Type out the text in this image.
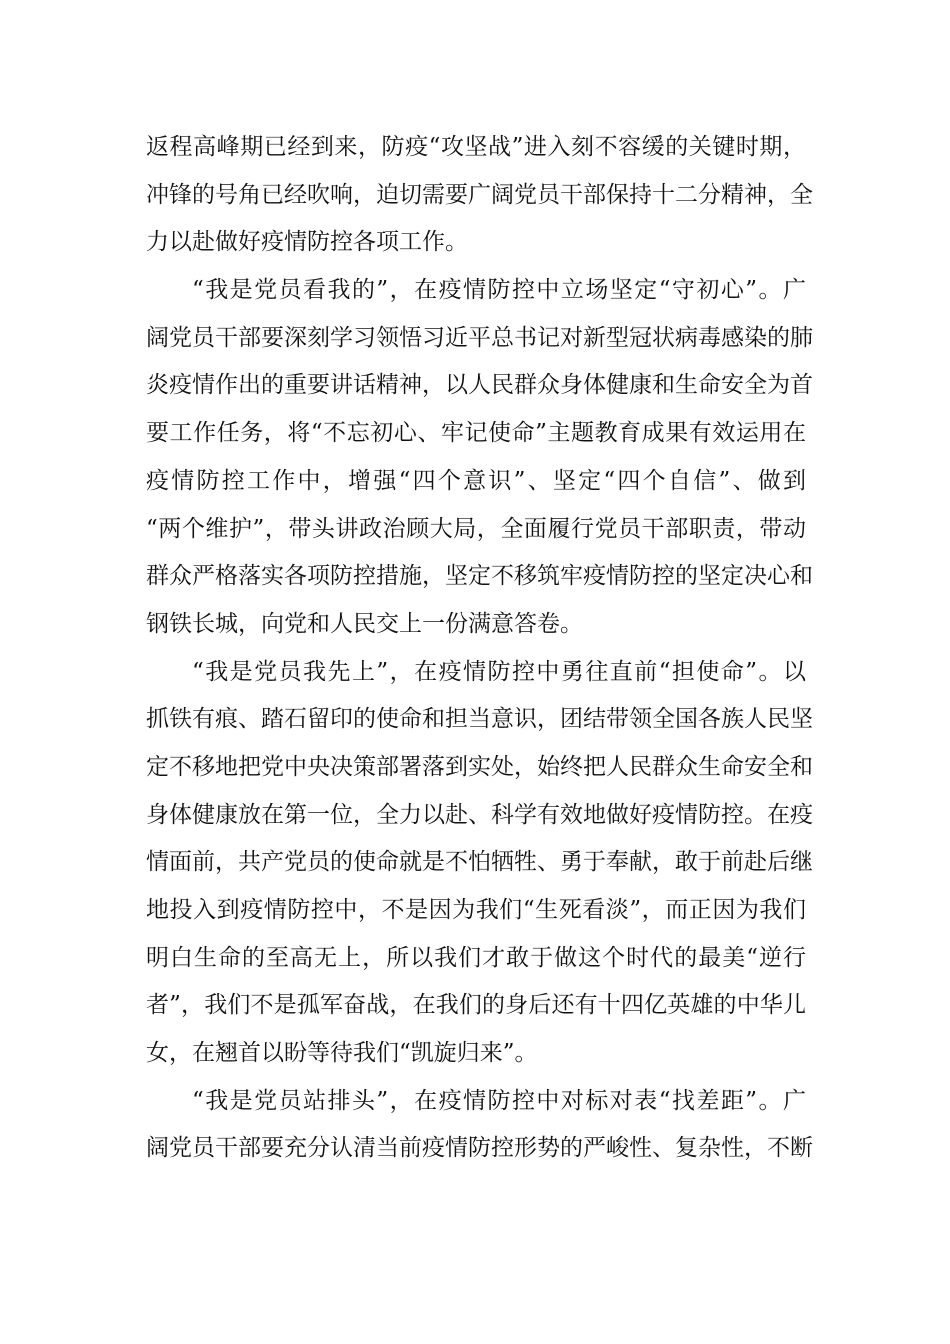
返程高峰期已经到来，防疫“攻坚战”进入刻不容缓的关键时期，
冲锋的号角已经吹响，迫切需要广阔党员干部保持十二分精神，全
力以赴做好疫情防控各项工作。
“我是党员看我的”，在疫情防控中立场坚定“守初心”。广
阔党员干部要深刻学习领悟习近平总书记对新型冠状病毒感染的肺
炎疫情作出的重要讲话精神，以人民群众身体健康和生命安全为首
要工作任务，将“不忘初心、牢记使命”主题教育成果有效运用在
疫情防控工作中，增强“四个意识”、坚定“四个自信”、做到
“两个维护”，带头讲政治顾大局，全面履行党员干部职责，带动
群众严格落实各项防控措施，坚定不移筑牢疫情防控的坚定决心和
钢铁长城，向党和人民交上一份满意答卷。
“我是党员我先上”，在疫情防控中勇往直前“担使命”。以
抓铁有痕、踏石留印的使命和担当意识，团结带领全国各族人民坚
定不移地把党中央决策部署落到实处，始终把人民群众生命安全和
身体健康放在第一位，全力以赴、科学有效地做好疫情防控。在疫
情面前，共产党员的使命就是不怕牺牲、勇于奉献，敢于前赴后继
地投入到疫情防控中，不是因为我们“生死看淡”，而正因为我们
明白生命的至高无上，所以我们才敢于做这个时代的最美“逆行
者”，我们不是孤军奋战，在我们的身后还有十四亿英雄的中华儿
女，在翘首以盼等待我们“凯旋归来”。
“我是党员站排头”，在疫情防控中对标对表“找差距”。广
阔党员干部要充分认清当前疫情防控形势的严峻性、复杂性，不断
